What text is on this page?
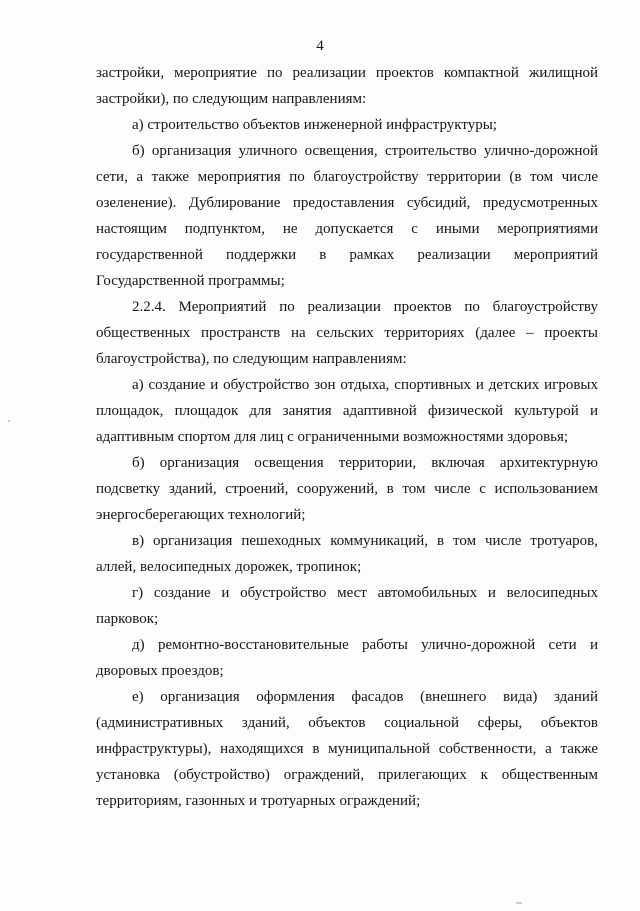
4

застройки, мероприятие по реализации проектов компактной жилищной застройки), по следующим направлениям:

а) строительство объектов инженерной инфраструктуры;

б) организация уличного освещения, строительство улично-дорожной сети, а также мероприятия по благоустройству территории (в том числе озеленение). Дублирование предоставления субсидий, предусмотренных настоящим подпунктом, не допускается с иными мероприятиями государственной поддержки в рамках реализации мероприятий Государственной программы;

2.2.4. Мероприятий по реализации проектов по благоустройству общественных пространств на сельских территориях (далее – проекты благоустройства), по следующим направлениям:

а) создание и обустройство зон отдыха, спортивных и детских игровых площадок, площадок для занятия адаптивной физической культурой и адаптивным спортом для лиц с ограниченными возможностями здоровья;

б) организация освещения территории, включая архитектурную подсветку зданий, строений, сооружений, в том числе с использованием энергосберегающих технологий;

в) организация пешеходных коммуникаций, в том числе тротуаров, аллей, велосипедных дорожек, тропинок;

г) создание и обустройство мест автомобильных и велосипедных парковок;

д) ремонтно-восстановительные работы улично-дорожной сети и дворовых проездов;

е) организация оформления фасадов (внешнего вида) зданий (административных зданий, объектов социальной сферы, объектов инфраструктуры), находящихся в муниципальной собственности, а также установка (обустройство) ограждений, прилегающих к общественным территориям, газонных и тротуарных ограждений;
